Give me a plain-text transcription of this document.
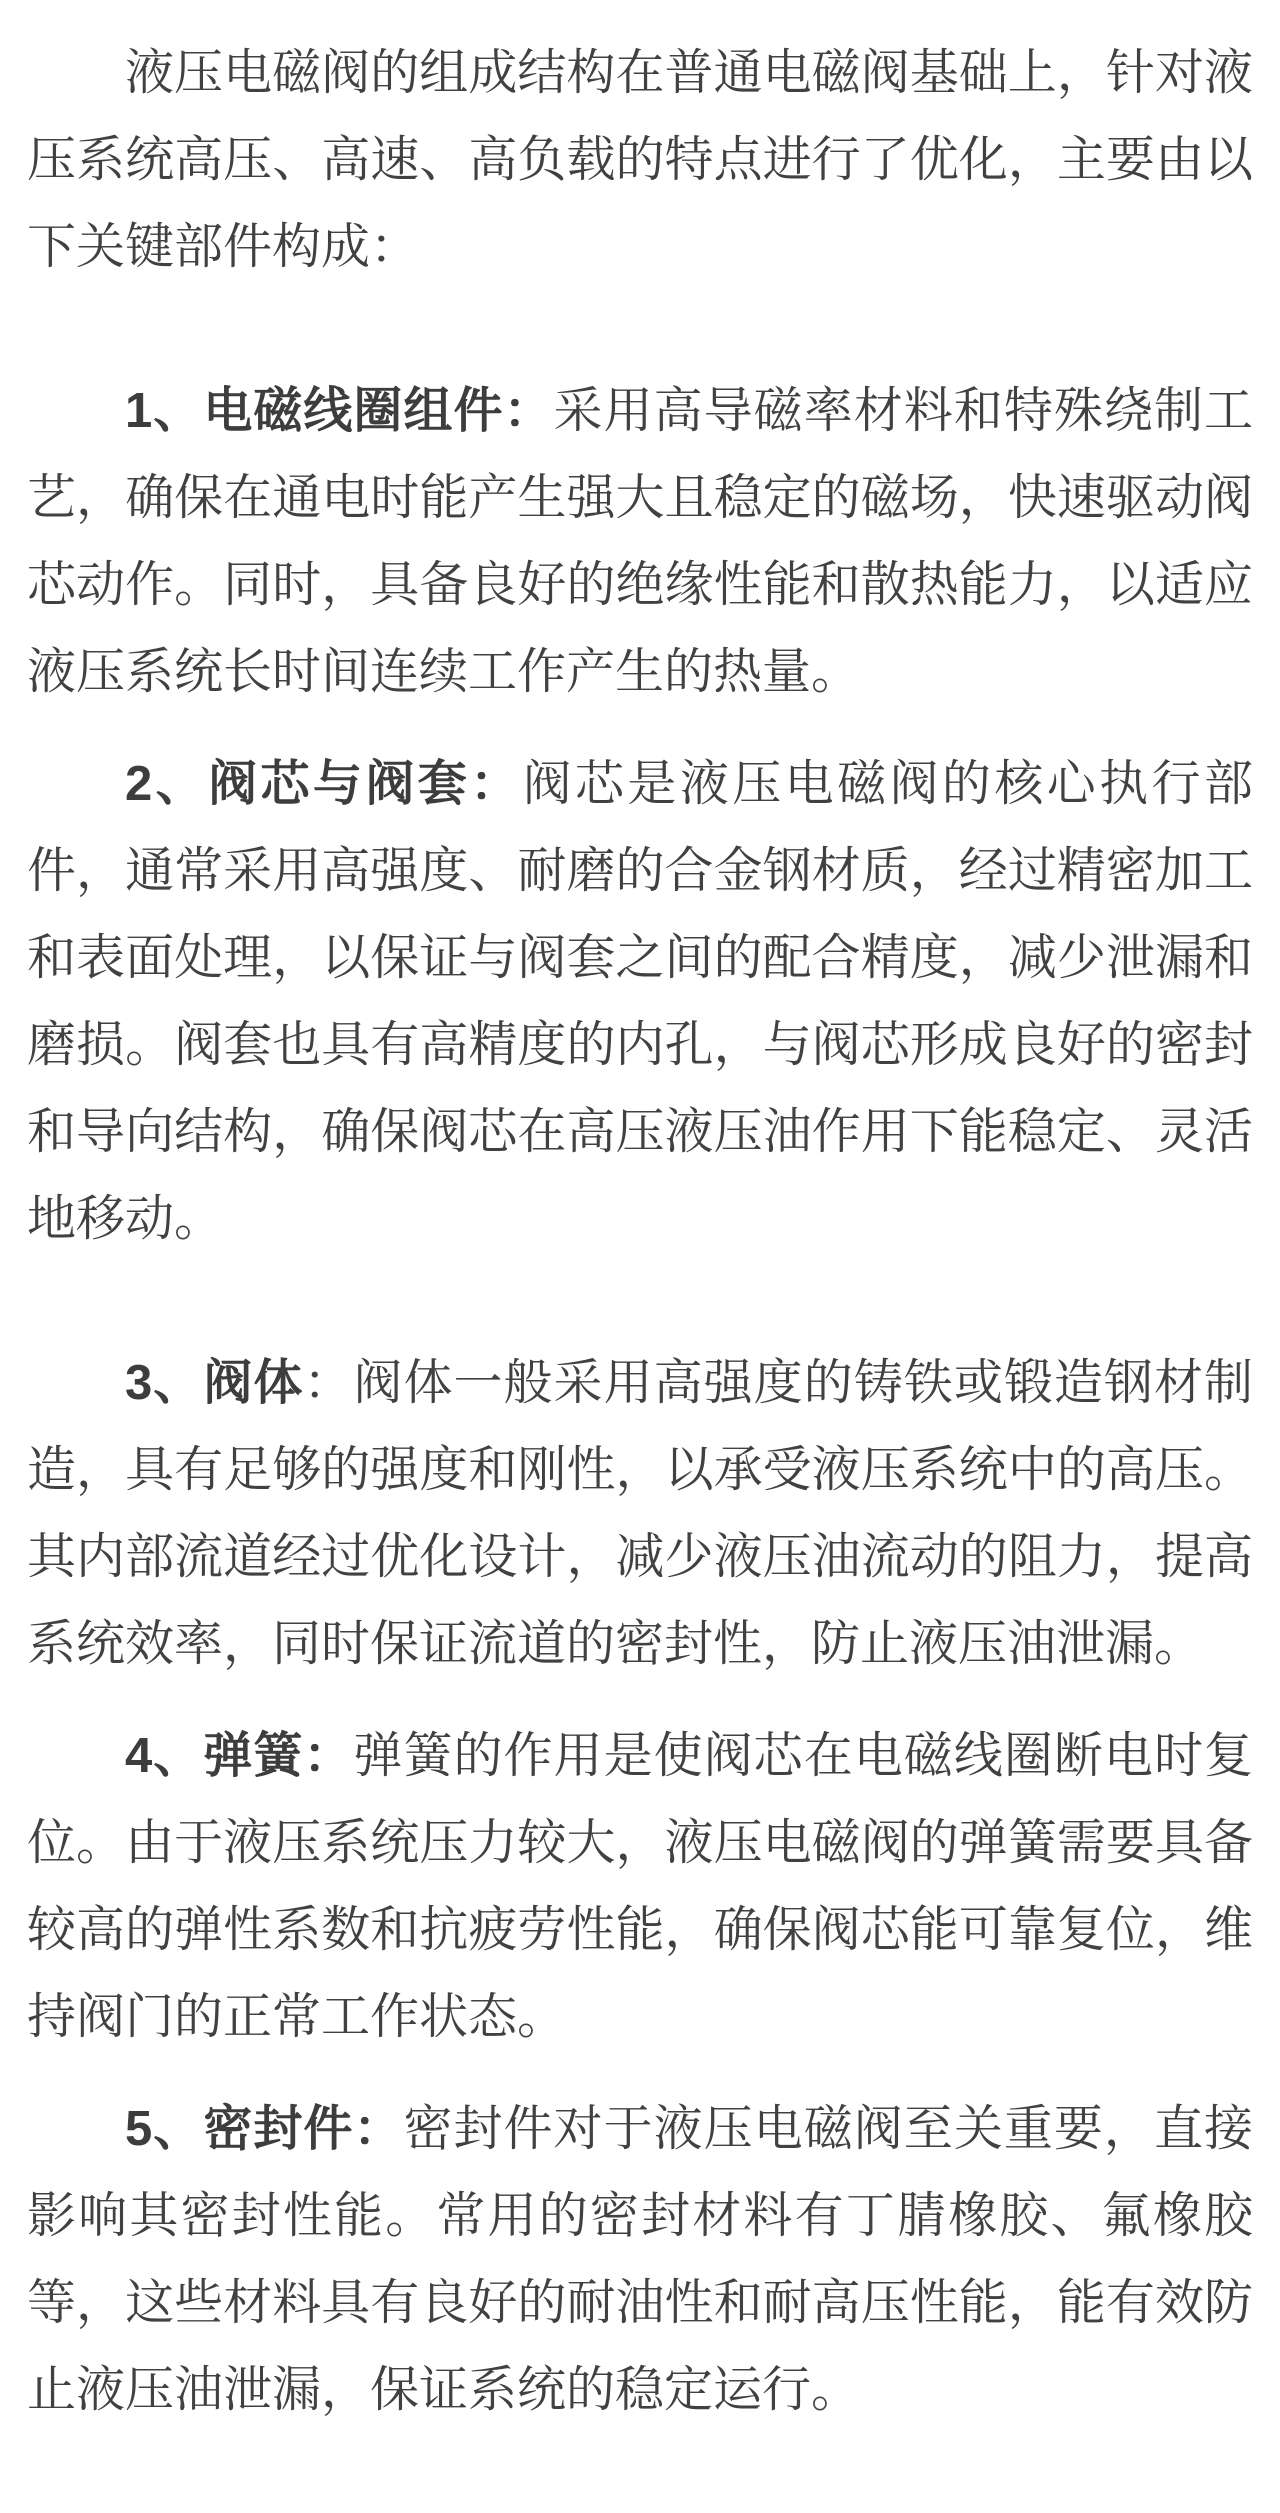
液压电磁阀的组成结构在普通电磁阀基础上，针对液压系统高压、高速、高负载的特点进行了优化，主要由以下关键部件构成：

1、电磁线圈组件：采用高导磁率材料和特殊绕制工艺，确保在通电时能产生强大且稳定的磁场，快速驱动阀芯动作。同时，具备良好的绝缘性能和散热能力，以适应液压系统长时间连续工作产生的热量。

2、阀芯与阀套：阀芯是液压电磁阀的核心执行部件，通常采用高强度、耐磨的合金钢材质，经过精密加工和表面处理，以保证与阀套之间的配合精度，减少泄漏和磨损。阀套也具有高精度的内孔，与阀芯形成良好的密封和导向结构，确保阀芯在高压液压油作用下能稳定、灵活地移动。

3、阀体：阀体一般采用高强度的铸铁或锻造钢材制造，具有足够的强度和刚性，以承受液压系统中的高压。其内部流道经过优化设计，减少液压油流动的阻力，提高系统效率，同时保证流道的密封性，防止液压油泄漏。

4、弹簧：弹簧的作用是使阀芯在电磁线圈断电时复位。由于液压系统压力较大，液压电磁阀的弹簧需要具备较高的弹性系数和抗疲劳性能，确保阀芯能可靠复位，维持阀门的正常工作状态。

5、密封件：密封件对于液压电磁阀至关重要，直接影响其密封性能。常用的密封材料有丁腈橡胶、氟橡胶等，这些材料具有良好的耐油性和耐高压性能，能有效防止液压油泄漏，保证系统的稳定运行。
